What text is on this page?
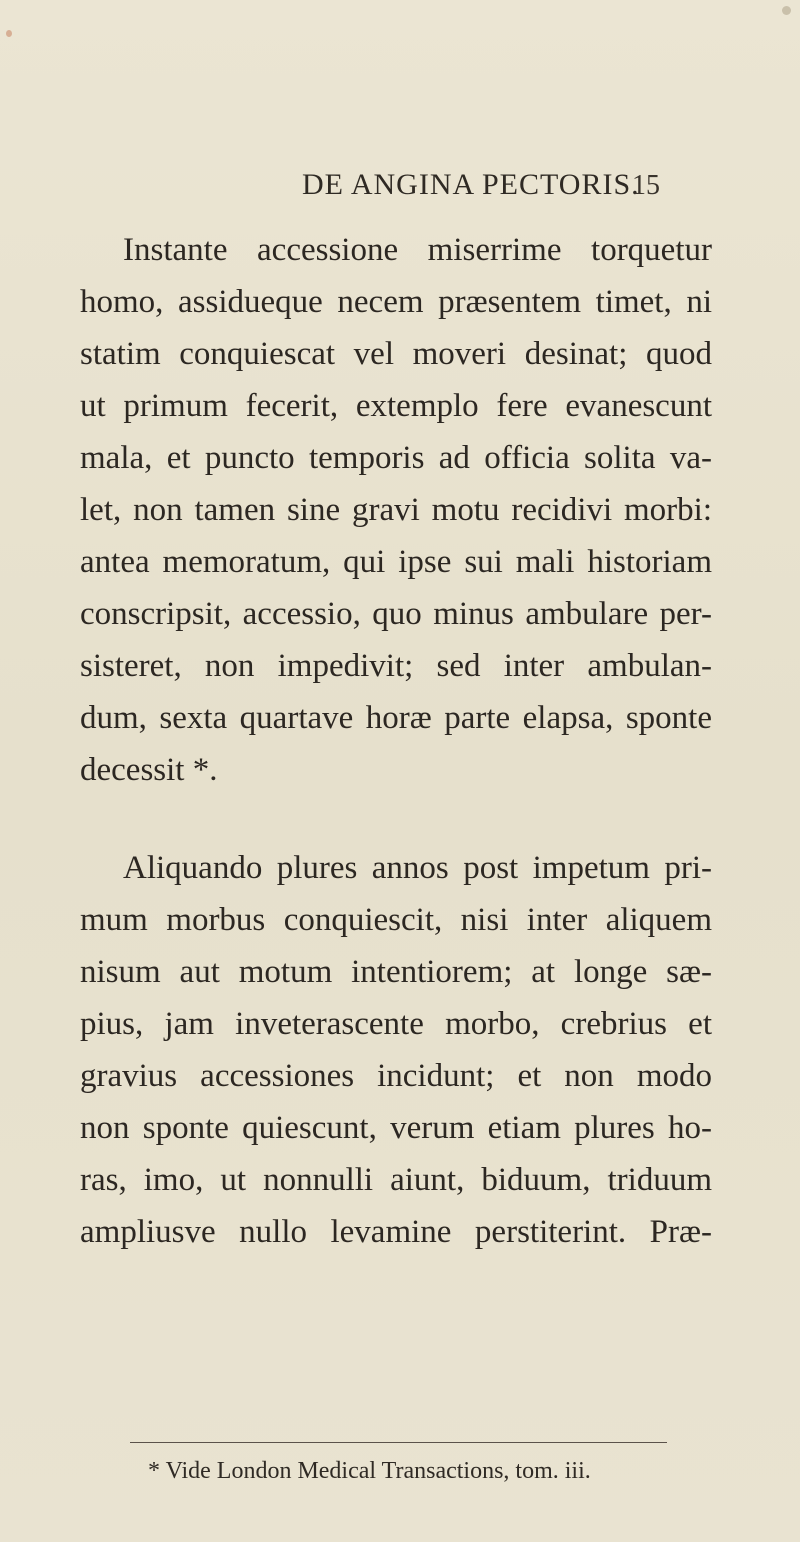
DE ANGINA PECTORIS.
15
Instante accessione miserrime torquetur
homo, assidueque necem præsentem timet, ni
statim conquiescat vel moveri desinat; quod
ut primum fecerit, extemplo fere evanescunt
mala, et puncto temporis ad officia solita va-
let, non tamen sine gravi motu recidivi morbi:
antea memoratum, qui ipse sui mali historiam
conscripsit, accessio, quo minus ambulare per-
sisteret, non impedivit; sed inter ambulan-
dum, sexta quartave horæ parte elapsa, sponte
decessit *.
Aliquando plures annos post impetum pri-
mum morbus conquiescit, nisi inter aliquem
nisum aut motum intentiorem; at longe sæ-
pius, jam inveterascente morbo, crebrius et
gravius accessiones incidunt; et non modo
non sponte quiescunt, verum etiam plures ho-
ras, imo, ut nonnulli aiunt, biduum, triduum
ampliusve nullo levamine perstiterint. Præ-
* Vide London Medical Transactions, tom. iii.
